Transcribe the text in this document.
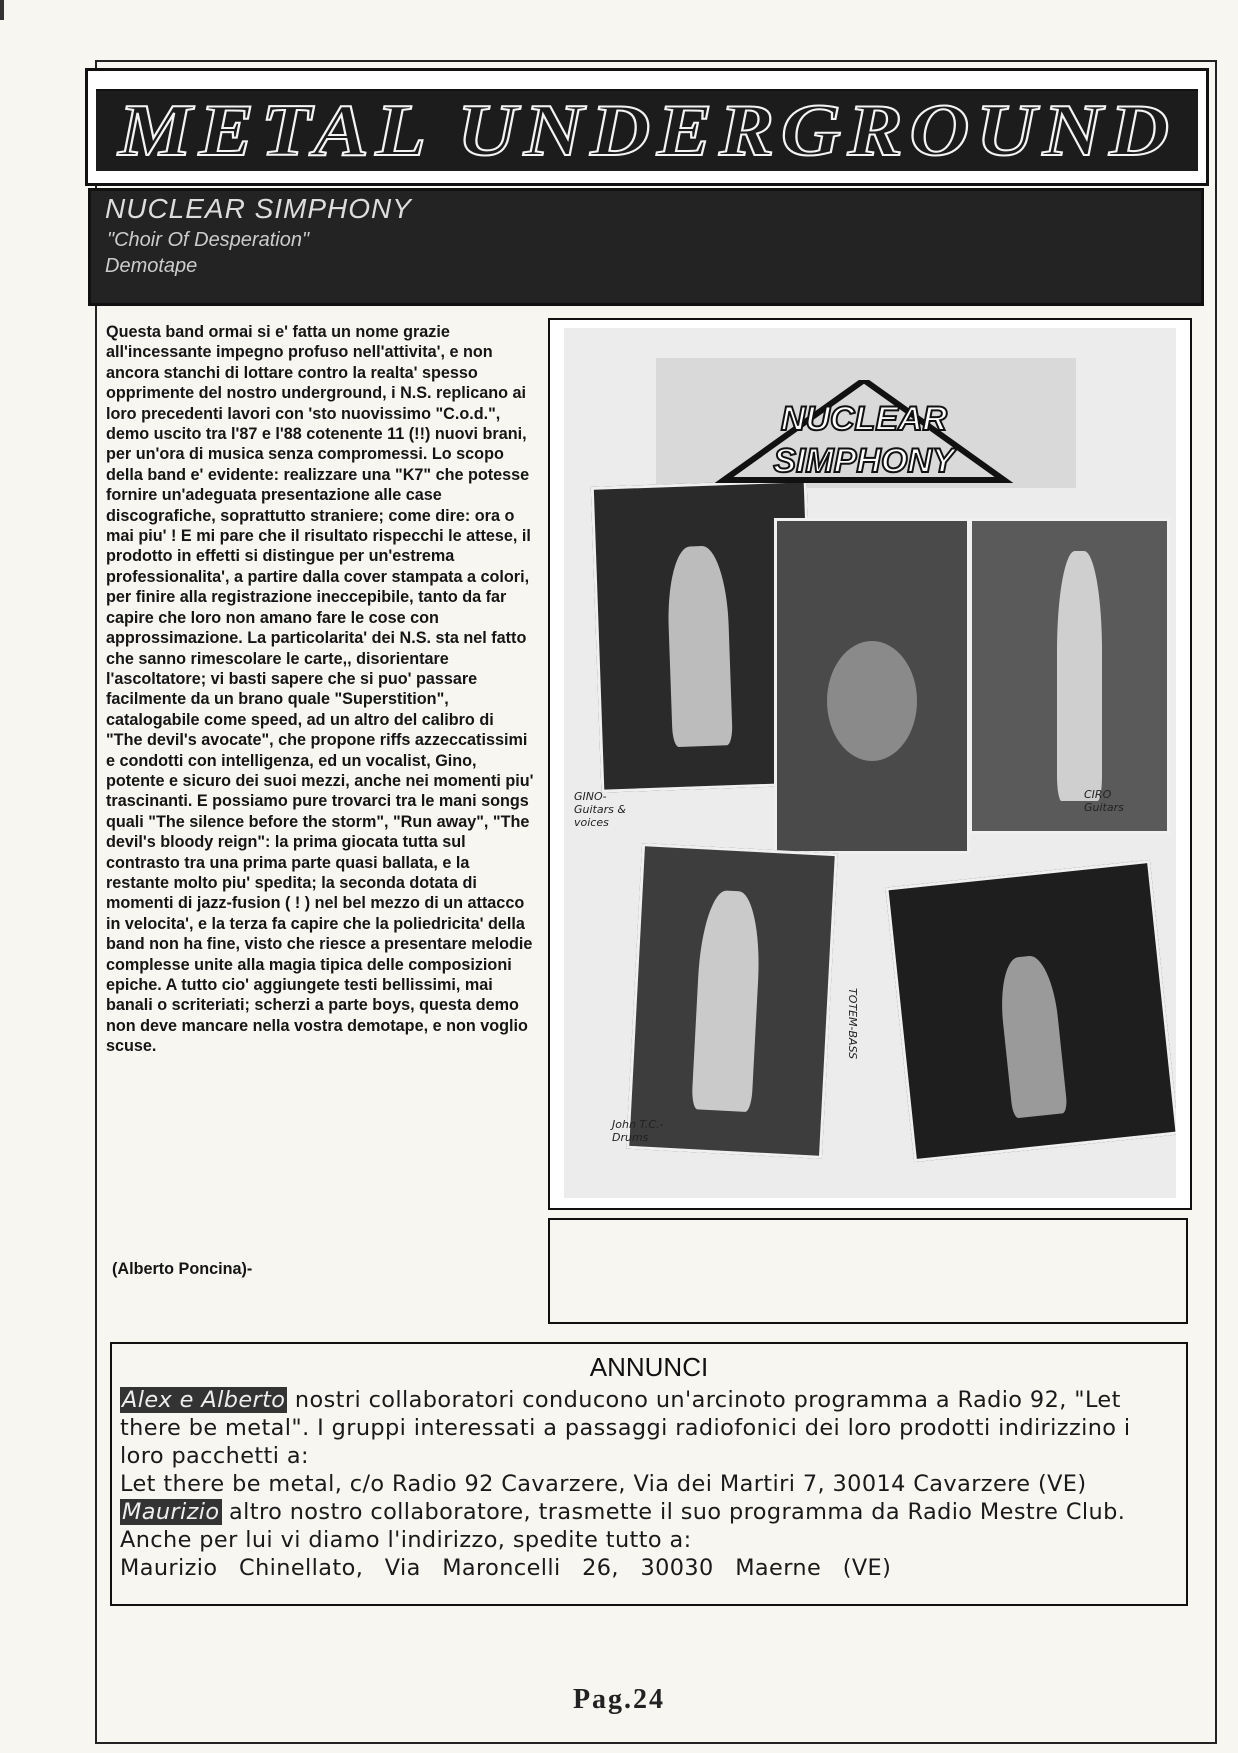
METAL UNDERGROUND
NUCLEAR SIMPHONY
"Choir Of Desperation"
Demotape
Questa band ormai si e' fatta un nome grazie all'incessante impegno profuso nell'attivita', e non ancora stanchi di lottare contro la realta' spesso opprimente del nostro underground, i N.S. replicano ai loro precedenti lavori con 'sto nuovissimo "C.o.d.", demo uscito tra l'87 e l'88 cotenente 11 (!!) nuovi brani, per un'ora di musica senza compromessi. Lo scopo della band e' evidente: realizzare una "K7" che potesse fornire un'adeguata presentazione alle case discografiche, soprattutto straniere; come dire: ora o mai piu' ! E mi pare che il risultato rispecchi le attese, il prodotto in effetti si distingue per un'estrema professionalita', a partire dalla cover stampata a colori, per finire alla registrazione ineccepibile, tanto da far capire che loro non amano fare le cose con approssimazione. La particolarita' dei N.S. sta nel fatto che sanno rimescolare le carte,, disorientare l'ascoltatore; vi basti sapere che si puo' passare facilmente da un brano quale "Superstition", catalogabile come speed, ad un altro del calibro di "The devil's avocate", che propone riffs azzeccatissimi e condotti con intelligenza, ed un vocalist, Gino, potente e sicuro dei suoi mezzi, anche nei momenti piu' trascinanti. E possiamo pure trovarci tra le mani songs quali "The silence before the storm", "Run away", "The devil's bloody reign": la prima giocata tutta sul contrasto tra una prima parte quasi ballata, e la restante molto piu' spedita; la seconda dotata di momenti di jazz-fusion ( ! ) nel bel mezzo di un attacco in velocita', e la terza fa capire che la poliedricita' della band non ha fine, visto che riesce a presentare melodie complesse unite alla magia tipica delle composizioni epiche. A tutto cio' aggiungete testi bellissimi, mai banali o scriteriati; scherzi a parte boys, questa demo non deve mancare nella vostra demotape, e non voglio scuse.
(Alberto Poncina)-
NUCLEAR
SIMPHONY
GINO-
Guitars &
voices
CIRO
Guitars
TOTEM-BASS
John T.C.-
Drums
ANNUNCI
Alex e Alberto nostri collaboratori conducono un'arcinoto programma a Radio 92, "Let there be metal". I gruppi interessati a passaggi radiofonici dei loro prodotti indirizzino i loro pacchetti a:
Let there be metal, c/o Radio 92 Cavarzere, Via dei Martiri 7, 30014 Cavarzere (VE)
Maurizio altro nostro collaboratore, trasmette il suo programma da Radio Mestre Club. Anche per lui vi diamo l'indirizzo, spedite tutto a:
Maurizio Chinellato, Via Maroncelli 26, 30030 Maerne (VE)
Pag.24
